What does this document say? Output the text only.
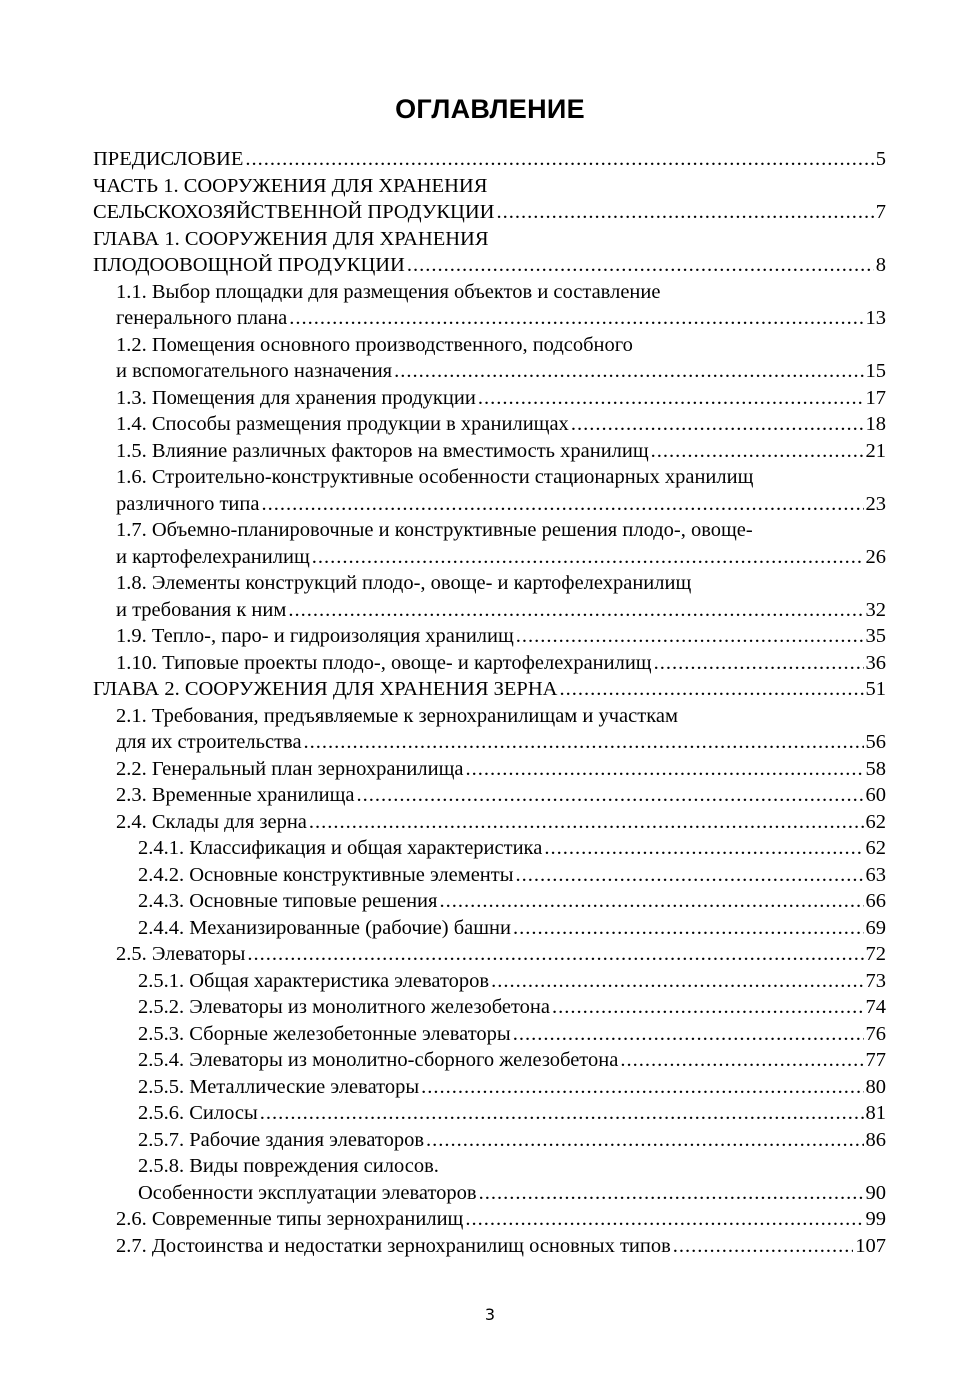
ОГЛАВЛЕНИЕ
ПРЕДИСЛОВИЕ .....	5
ЧАСТЬ 1. СООРУЖЕНИЯ ДЛЯ ХРАНЕНИЯ
СЕЛЬСКОХОЗЯЙСТВЕННОЙ ПРОДУКЦИИ .....	7
ГЛАВА 1. СООРУЖЕНИЯ ДЛЯ ХРАНЕНИЯ
ПЛОДООВОЩНОЙ ПРОДУКЦИИ .....	8
1.1. Выбор площадки для размещения объектов и составление
генерального плана .....	13
1.2. Помещения основного производственного, подсобного
и вспомогательного назначения .....	15
1.3. Помещения для хранения продукции .....	17
1.4. Способы размещения продукции в хранилищах .....	18
1.5. Влияние различных факторов на вместимость хранилищ .....	21
1.6. Строительно-конструктивные особенности стационарных хранилищ
различного типа .....	23
1.7. Объемно-планировочные и конструктивные решения плодо-, овоще-
и картофелехранилищ .....	26
1.8. Элементы конструкций плодо-, овоще- и картофелехранилищ
и требования к ним .....	32
1.9. Тепло-, паро- и гидроизоляция хранилищ .....	35
1.10. Типовые проекты плодо-, овоще- и картофелехранилищ .....	36
ГЛАВА 2. СООРУЖЕНИЯ ДЛЯ ХРАНЕНИЯ ЗЕРНА .....	51
2.1. Требования, предъявляемые к зернохранилищам и участкам
для их строительства .....	56
2.2. Генеральный план зернохранилища .....	58
2.3. Временные хранилища .....	60
2.4. Склады для зерна .....	62
2.4.1. Классификация и общая характеристика .....	62
2.4.2. Основные конструктивные элементы .....	63
2.4.3. Основные типовые решения .....	66
2.4.4. Механизированные (рабочие) башни .....	69
2.5. Элеваторы .....	72
2.5.1. Общая характеристика элеваторов .....	73
2.5.2. Элеваторы из монолитного железобетона .....	74
2.5.3. Сборные железобетонные элеваторы .....	76
2.5.4. Элеваторы из монолитно-сборного железобетона .....	77
2.5.5. Металлические элеваторы .....	80
2.5.6. Силосы .....	81
2.5.7. Рабочие здания элеваторов .....	86
2.5.8. Виды повреждения силосов.
Особенности эксплуатации элеваторов .....	90
2.6. Современные типы зернохранилищ .....	99
2.7. Достоинства и недостатки зернохранилищ основных типов .....	107
3
